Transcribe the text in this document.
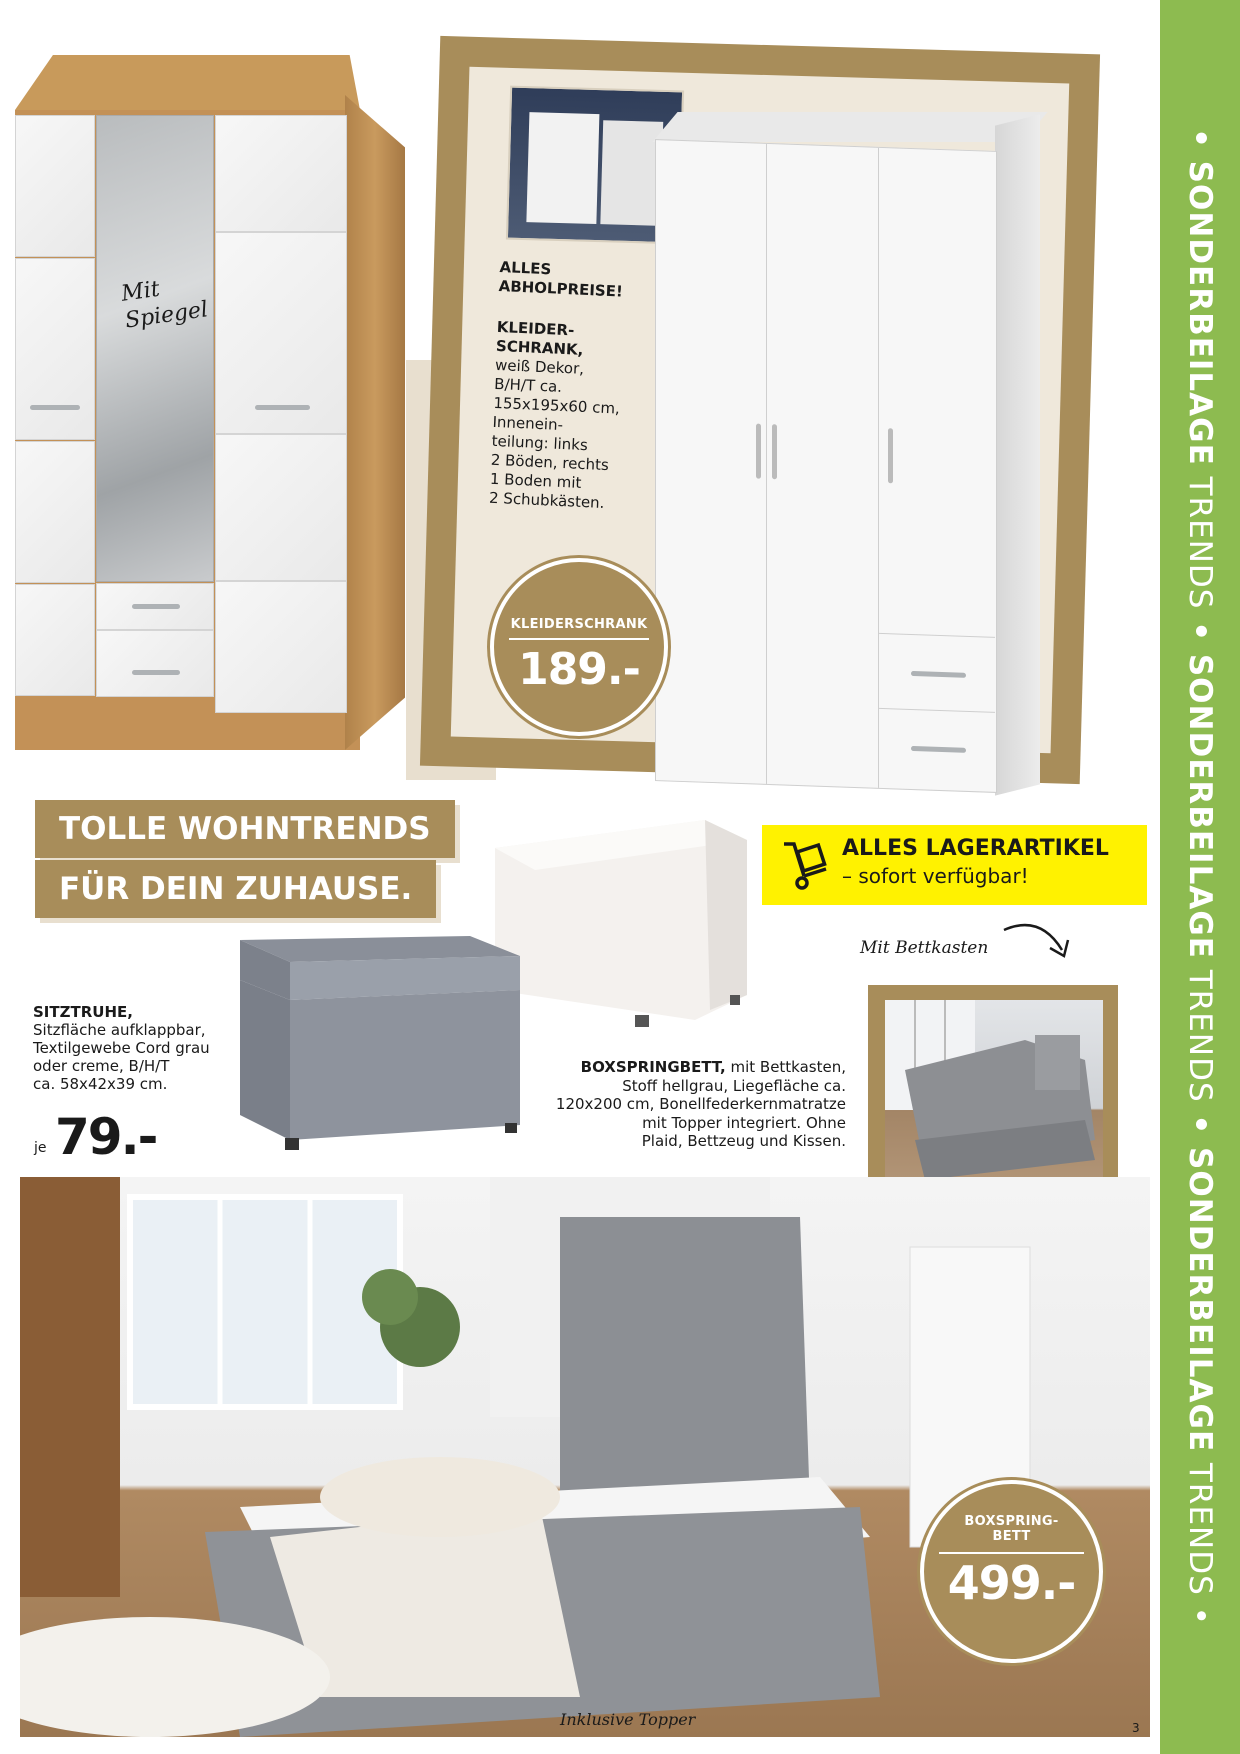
• SONDERBEILAGE TRENDS • SONDERBEILAGE TRENDS • SONDERBEILAGE TRENDS •
Mit
Spiegel
ALLES
ABHOLPREISE!
KLEIDER-
SCHRANK,
weiß Dekor,
B/H/T ca.
155x195x60 cm,
Innenein-
teilung: links
2 Böden, rechts
1 Boden mit
2 Schubkästen.
KLEIDERSCHRANK
189.-
TOLLE WOHNTRENDS
FÜR DEIN ZUHAUSE.
ALLES LAGERARTIKEL
– sofort verfügbar!
SITZTRUHE,
Sitzfläche aufklappbar,
Textilgewebe Cord grau
oder creme, B/H/T
ca. 58x42x39 cm.
je 79.-
BOXSPRINGBETT, mit Bettkasten,
Stoff hellgrau, Liegefläche ca.
120x200 cm, Bonellfederkernmatratze
mit Topper integriert. Ohne
Plaid, Bettzeug und Kissen.
Mit Bettkasten
Inklusive Topper
BOXSPRING-
BETT
499.-
3
